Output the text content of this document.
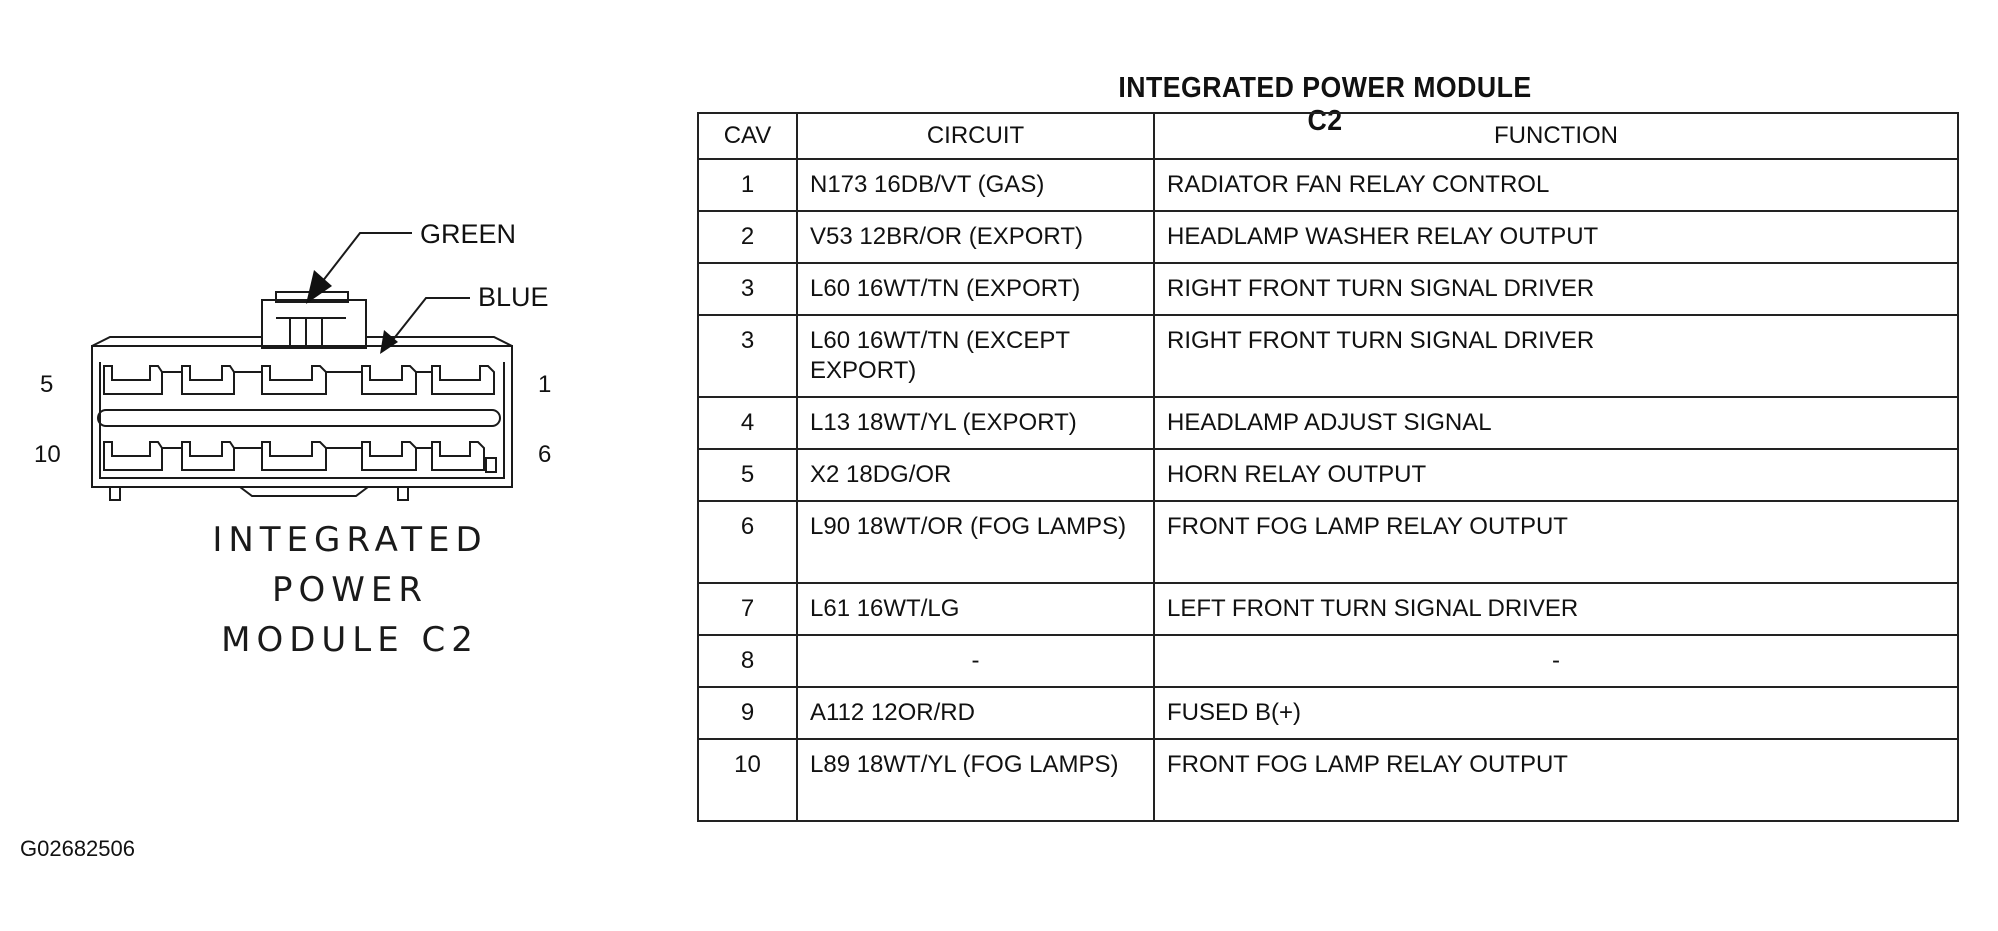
GREEN
BLUE
5	1
10	6
INTEGRATED
POWER
MODULE C2
INTEGRATED POWER MODULE C2
CAV	CIRCUIT	FUNCTION
1	N173 16DB/VT (GAS)	RADIATOR FAN RELAY CONTROL
2	V53 12BR/OR (EXPORT)	HEADLAMP WASHER RELAY OUTPUT
3	L60 16WT/TN (EXPORT)	RIGHT FRONT TURN SIGNAL DRIVER
3	L60 16WT/TN (EXCEPT EXPORT)	RIGHT FRONT TURN SIGNAL DRIVER
4	L13 18WT/YL (EXPORT)	HEADLAMP ADJUST SIGNAL
5	X2 18DG/OR	HORN RELAY OUTPUT
6	L90 18WT/OR (FOG LAMPS)	FRONT FOG LAMP RELAY OUTPUT
7	L61 16WT/LG	LEFT FRONT TURN SIGNAL DRIVER
8	-	-
9	A112 12OR/RD	FUSED B(+)
10	L89 18WT/YL (FOG LAMPS)	FRONT FOG LAMP RELAY OUTPUT
G02682506
